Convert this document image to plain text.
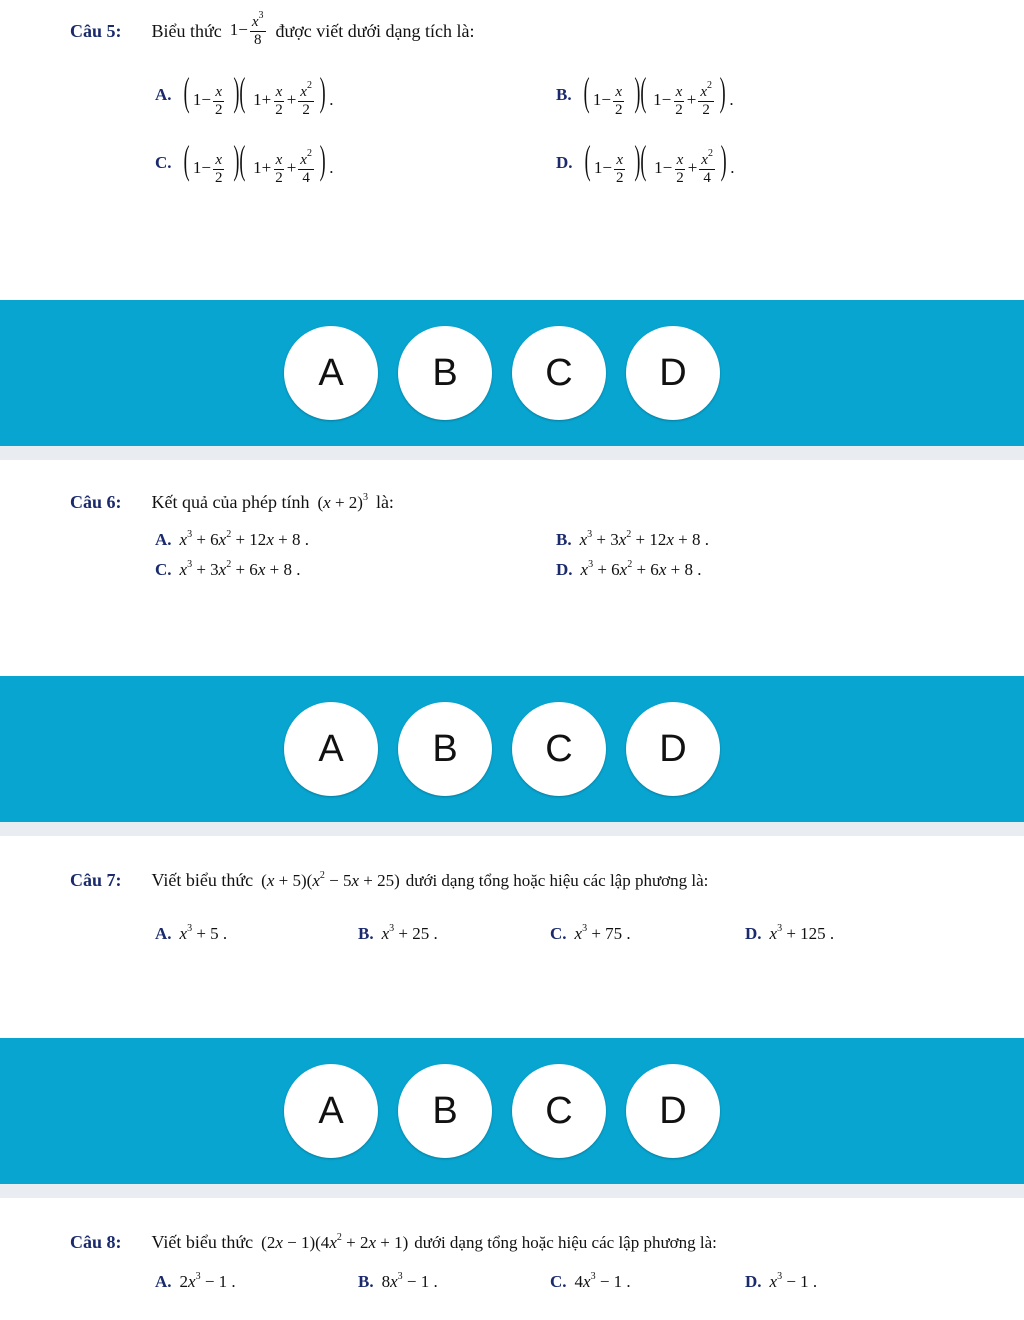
Câu 5: Biểu thức $1- \frac{x^3}{8}$ được viết dưới dạng tích là:
A. ( $1- \frac{x}{2}$ )( $1+ \frac{x}{2} + \frac{x^2}{2}$ ) .	B. ( $1- \frac{x}{2}$ )( $1- \frac{x}{2} + \frac{x^2}{2}$ ) .
C. ( $1- \frac{x}{2}$ )( $1+ \frac{x}{2} + \frac{x^2}{4}$ ) .	D. ( $1- \frac{x}{2}$ )( $1- \frac{x}{2} + \frac{x^2}{4}$ ) .
A	B	C	D
Câu 6: Kết quả của phép tính $(x + 2)^3$ là:
A. $x^3 + 6x^2 + 12x + 8$ .	B. $x^3 + 3x^2 + 12x + 8$ .
C. $x^3 + 3x^2 + 6x + 8$ .	D. $x^3 + 6x^2 + 6x + 8$ .
A	B	C	D
Câu 7: Viết biểu thức $(x + 5)(x^2 - 5x + 25)$ dưới dạng tổng hoặc hiệu các lập phương là:
A. $x^3 + 5$ .	B. $x^3 + 25$ .	C. $x^3 + 75$ .	D. $x^3 + 125$ .
A	B	C	D
Câu 8: Viết biểu thức $(2x - 1)(4x^2 + 2x + 1)$ dưới dạng tổng hoặc hiệu các lập phương là:
A. $2x^3 - 1$ .	B. $8x^3 - 1$ .	C. $4x^3 - 1$ .	D. $x^3 - 1$ .
